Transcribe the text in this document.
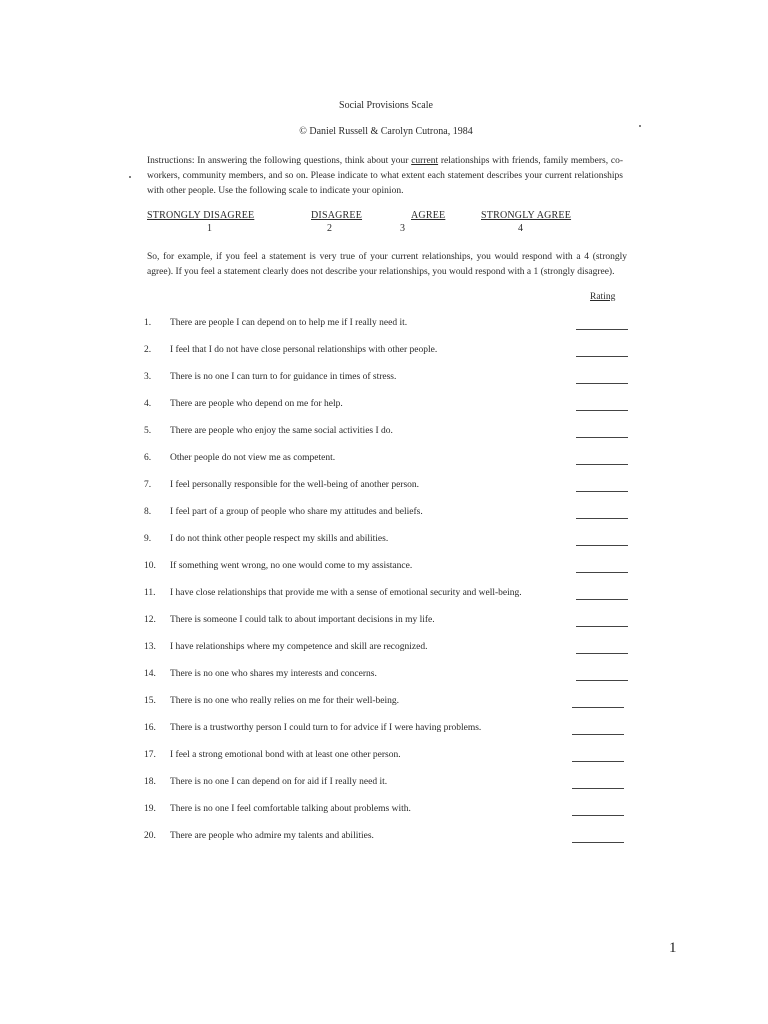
Social Provisions Scale
© Daniel Russell & Carolyn Cutrona, 1984
Instructions: In answering the following questions, think about your current relationships with friends, family members, co-workers, community members, and so on. Please indicate to what extent each statement describes your current relationships with other people. Use the following scale to indicate your opinion.
STRONGLY DISAGREE
1
DISAGREE
2
AGREE
3
STRONGLY AGREE
4
So, for example, if you feel a statement is very true of your current relationships, you would respond with a 4 (strongly agree). If you feel a statement clearly does not describe your relationships, you would respond with a 1 (strongly disagree).
Rating
1. There are people I can depend on to help me if I really need it.
2. I feel that I do not have close personal relationships with other people.
3. There is no one I can turn to for guidance in times of stress.
4. There are people who depend on me for help.
5. There are people who enjoy the same social activities I do.
6. Other people do not view me as competent.
7. I feel personally responsible for the well-being of another person.
8. I feel part of a group of people who share my attitudes and beliefs.
9. I do not think other people respect my skills and abilities.
10. If something went wrong, no one would come to my assistance.
11. I have close relationships that provide me with a sense of emotional security and well-being.
12. There is someone I could talk to about important decisions in my life.
13. I have relationships where my competence and skill are recognized.
14. There is no one who shares my interests and concerns.
15. There is no one who really relies on me for their well-being.
16. There is a trustworthy person I could turn to for advice if I were having problems.
17. I feel a strong emotional bond with at least one other person.
18. There is no one I can depend on for aid if I really need it.
19. There is no one I feel comfortable talking about problems with.
20. There are people who admire my talents and abilities.
1
